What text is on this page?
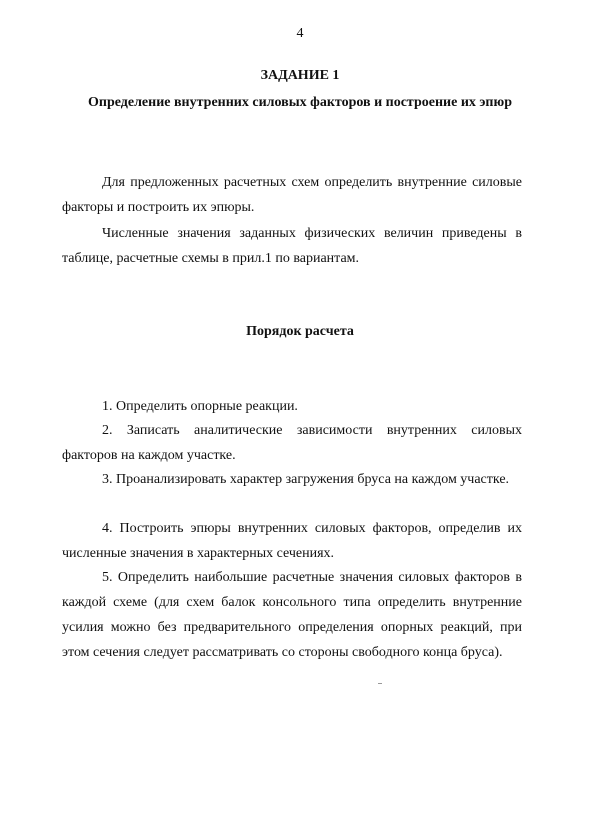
4
ЗАДАНИЕ 1
Определение внутренних силовых факторов и построение их эпюр

Для предложенных расчетных схем определить внутренние силовые факторы и построить их эпюры.

Численные значения заданных физических величин приведены в таблице, расчетные схемы в прил.1 по вариантам.

Порядок расчета

1. Определить опорные реакции.

2. Записать аналитические зависимости внутренних силовых факторов на каждом участке.

3. Проанализировать характер загружения бруса на каждом участке.

4. Построить эпюры внутренних силовых факторов, определив их численные значения в характерных сечениях.

5. Определить наибольшие расчетные значения силовых факторов в каждой схеме (для схем балок консольного типа определить внутренние усилия можно без предварительного определения опорных реакций, при этом сечения следует рассматривать со стороны свободного конца бруса).
